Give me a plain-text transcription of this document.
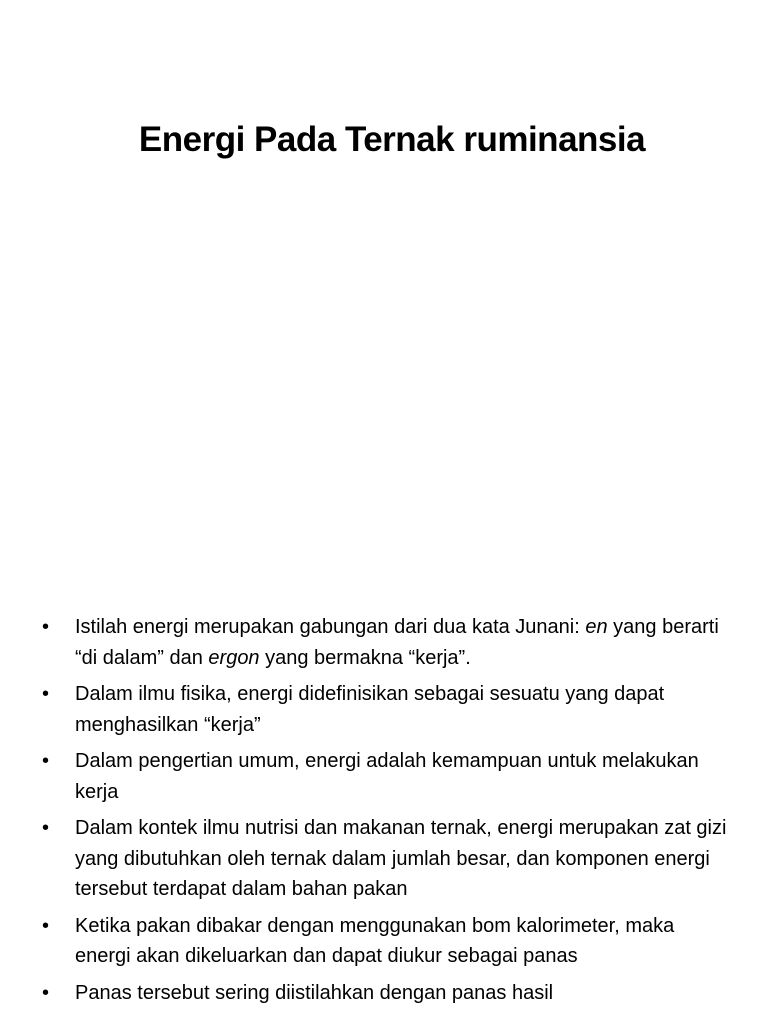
Energi Pada Ternak ruminansia
• Istilah energi merupakan gabungan dari dua kata Junani: en yang berarti “di dalam” dan ergon yang bermakna “kerja”.
• Dalam ilmu fisika, energi didefinisikan sebagai sesuatu yang dapat menghasilkan “kerja”
• Dalam pengertian umum, energi adalah kemampuan untuk melakukan kerja
• Dalam kontek ilmu nutrisi dan makanan ternak, energi merupakan zat gizi yang dibutuhkan oleh ternak dalam jumlah besar, dan komponen energi tersebut terdapat dalam bahan pakan
• Ketika pakan dibakar dengan menggunakan bom kalorimeter, maka energi akan dikeluarkan dan dapat diukur sebagai panas
• Panas tersebut sering diistilahkan dengan panas hasil
